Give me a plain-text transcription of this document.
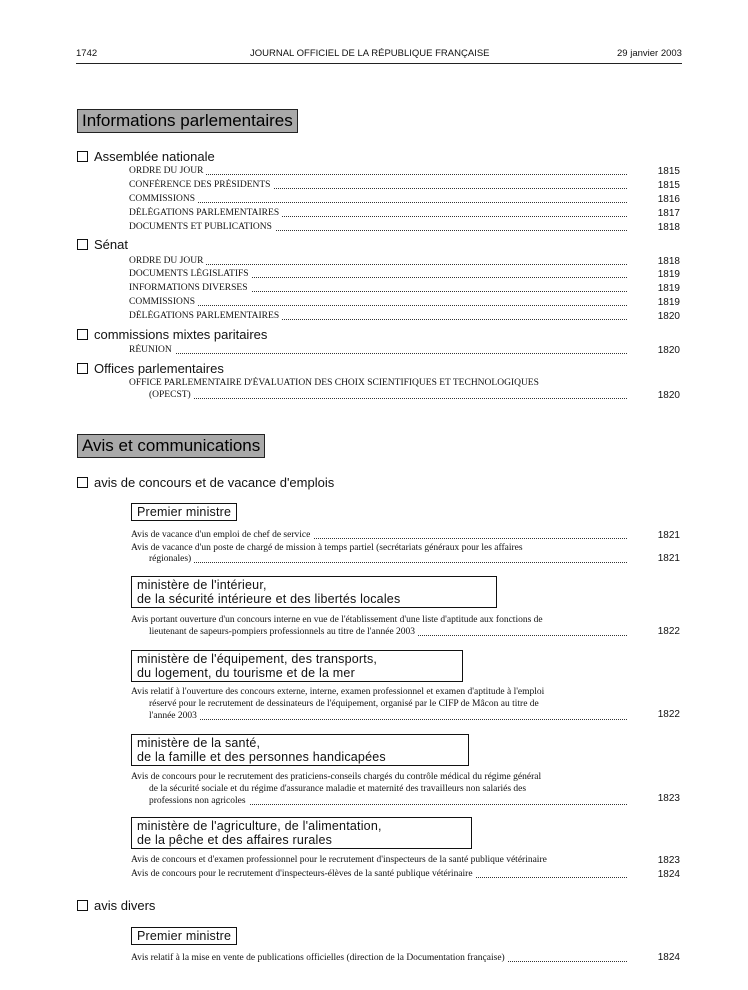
1742	JOURNAL OFFICIEL DE LA RÉPUBLIQUE FRANÇAISE	29 janvier 2003
Informations parlementaires
Assemblée nationale
ORDRE DU JOUR	1815
CONFÉRENCE DES PRÉSIDENTS	1815
COMMISSIONS	1816
DÉLÉGATIONS PARLEMENTAIRES	1817
DOCUMENTS ET PUBLICATIONS	1818
Sénat
ORDRE DU JOUR	1818
DOCUMENTS LÉGISLATIFS	1819
INFORMATIONS DIVERSES	1819
COMMISSIONS	1819
DÉLÉGATIONS PARLEMENTAIRES	1820
commissions mixtes paritaires
RÉUNION	1820
Offices parlementaires
OFFICE PARLEMENTAIRE D'ÉVALUATION DES CHOIX SCIENTIFIQUES ET TECHNOLOGIQUES
(OPECST)	1820
Avis et communications
avis de concours et de vacance d'emplois
Premier ministre
Avis de vacance d'un emploi de chef de service	1821
Avis de vacance d'un poste de chargé de mission à temps partiel (secrétariats généraux pour les affaires
régionales)	1821
ministère de l'intérieur,
de la sécurité intérieure et des libertés locales
Avis portant ouverture d'un concours interne en vue de l'établissement d'une liste d'aptitude aux fonctions de
lieutenant de sapeurs-pompiers professionnels au titre de l'année 2003	1822
ministère de l'équipement, des transports,
du logement, du tourisme et de la mer
Avis relatif à l'ouverture des concours externe, interne, examen professionnel et examen d'aptitude à l'emploi
réservé pour le recrutement de dessinateurs de l'équipement, organisé par le CIFP de Mâcon au titre de
l'année 2003	1822
ministère de la santé,
de la famille et des personnes handicapées
Avis de concours pour le recrutement des praticiens-conseils chargés du contrôle médical du régime général
de la sécurité sociale et du régime d'assurance maladie et maternité des travailleurs non salariés des
professions non agricoles	1823
ministère de l'agriculture, de l'alimentation,
de la pêche et des affaires rurales
Avis de concours et d'examen professionnel pour le recrutement d'inspecteurs de la santé publique vétérinaire	1823
Avis de concours pour le recrutement d'inspecteurs-élèves de la santé publique vétérinaire	1824
avis divers
Premier ministre
Avis relatif à la mise en vente de publications officielles (direction de la Documentation française)	1824
